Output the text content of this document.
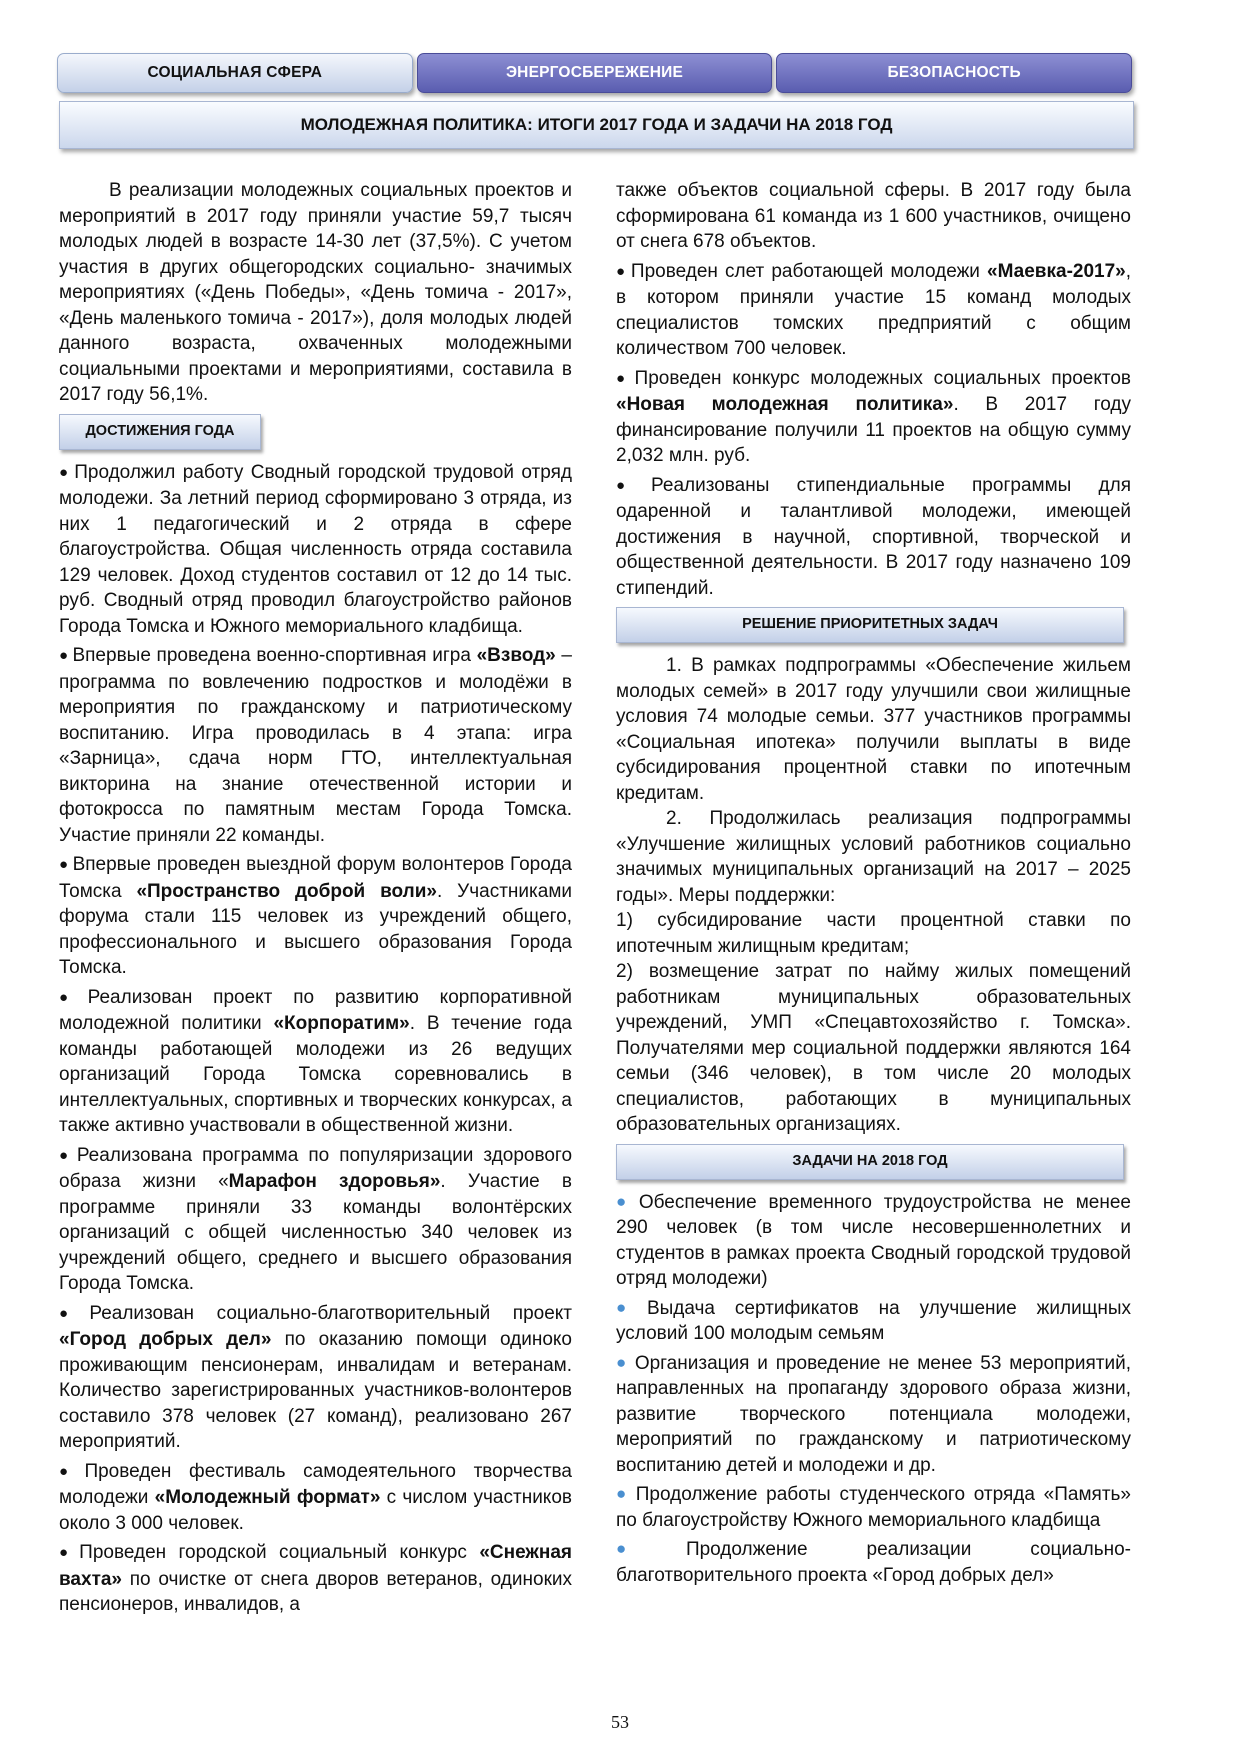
СОЦИАЛЬНАЯ СФЕРА	ЭНЕРГОСБЕРЕЖЕНИЕ	БЕЗОПАСНОСТЬ
МОЛОДЕЖНАЯ ПОЛИТИКА: ИТОГИ 2017 ГОДА И ЗАДАЧИ НА 2018 ГОД

В реализации молодежных социальных проектов и мероприятий в 2017 году приняли участие 59,7 тысяч молодых людей в возрасте 14-30 лет (37,5%). С учетом участия в других общегородских социально- значимых мероприятиях («День Победы», «День томича - 2017», «День маленького томича - 2017»), доля молодых людей данного возраста, охваченных молодежными социальными проектами и мероприятиями, составила в 2017 году 56,1%.

ДОСТИЖЕНИЯ ГОДА

● Продолжил работу Сводный городской трудовой отряд молодежи. За летний период сформировано 3 отряда, из них 1 педагогический и 2 отряда в сфере благоустройства. Общая численность отряда составила 129 человек. Доход студентов составил от 12 до 14 тыс. руб. Сводный отряд проводил благоустройство районов Города Томска и Южного мемориального кладбища.

● Впервые проведена военно-спортивная игра «Взвод» – программа по вовлечению подростков и молодёжи в мероприятия по гражданскому и патриотическому воспитанию. Игра проводилась в 4 этапа: игра «Зарница», сдача норм ГТО, интеллектуальная викторина на знание отечественной истории и фотокросса по памятным местам Города Томска. Участие приняли 22 команды.

● Впервые проведен выездной форум волонтеров Города Томска «Пространство доброй воли». Участниками форума стали 115 человек из учреждений общего, профессионального и высшего образования Города Томска.

● Реализован проект по развитию корпоративной молодежной политики «Корпоратим». В течение года команды работающей молодежи из 26 ведущих организаций Города Томска соревновались в интеллектуальных, спортивных и творческих конкурсах, а также активно участвовали в общественной жизни.

● Реализована программа по популяризации здорового образа жизни «Марафон здоровья». Участие в программе приняли 33 команды волонтёрских организаций с общей численностью 340 человек из учреждений общего, среднего и высшего образования Города Томска.

● Реализован социально-благотворительный проект «Город добрых дел» по оказанию помощи одиноко проживающим пенсионерам, инвалидам и ветеранам. Количество зарегистрированных участников-волонтеров составило 378 человек (27 команд), реализовано 267 мероприятий.

● Проведен фестиваль самодеятельного творчества молодежи «Молодежный формат» с числом участников около 3 000 человек.

● Проведен городской социальный конкурс «Снежная вахта» по очистке от снега дворов ветеранов, одиноких пенсионеров, инвалидов, а

также объектов социальной сферы. В 2017 году была сформирована 61 команда из 1 600 участников, очищено от снега 678 объектов.

● Проведен слет работающей молодежи «Маевка-2017», в котором приняли участие 15 команд молодых специалистов томских предприятий с общим количеством 700 человек.

● Проведен конкурс молодежных социальных проектов «Новая молодежная политика». В 2017 году финансирование получили 11 проектов на общую сумму 2,032 млн. руб.

● Реализованы стипендиальные программы для одаренной и талантливой молодежи, имеющей достижения в научной, спортивной, творческой и общественной деятельности. В 2017 году назначено 109 стипендий.

РЕШЕНИЕ ПРИОРИТЕТНЫХ ЗАДАЧ

1. В рамках подпрограммы «Обеспечение жильем молодых семей» в 2017 году улучшили свои жилищные условия 74 молодые семьи. 377 участников программы «Социальная ипотека» получили выплаты в виде субсидирования процентной ставки по ипотечным кредитам.

2. Продолжилась реализация подпрограммы «Улучшение жилищных условий работников социально значимых муниципальных организаций на 2017 – 2025 годы». Меры поддержки:

1) субсидирование части процентной ставки по ипотечным жилищным кредитам;

2) возмещение затрат по найму жилых помещений работникам муниципальных образовательных учреждений, УМП «Спецавтохозяйство г. Томска». Получателями мер социальной поддержки являются 164 семьи (346 человек), в том числе 20 молодых специалистов, работающих в муниципальных образовательных организациях.

ЗАДАЧИ НА 2018 ГОД

● Обеспечение временного трудоустройства не менее 290 человек (в том числе несовершеннолетних и студентов в рамках проекта Сводный городской трудовой отряд молодежи)

● Выдача сертификатов на улучшение жилищных условий 100 молодым семьям

● Организация и проведение не менее 53 мероприятий, направленных на пропаганду здорового образа жизни, развитие творческого потенциала молодежи, мероприятий по гражданскому и патриотическому воспитанию детей и молодежи и др.

● Продолжение работы студенческого отряда «Память» по благоустройству Южного мемориального кладбища

● Продолжение реализации социально-благотворительного проекта «Город добрых дел»

53
